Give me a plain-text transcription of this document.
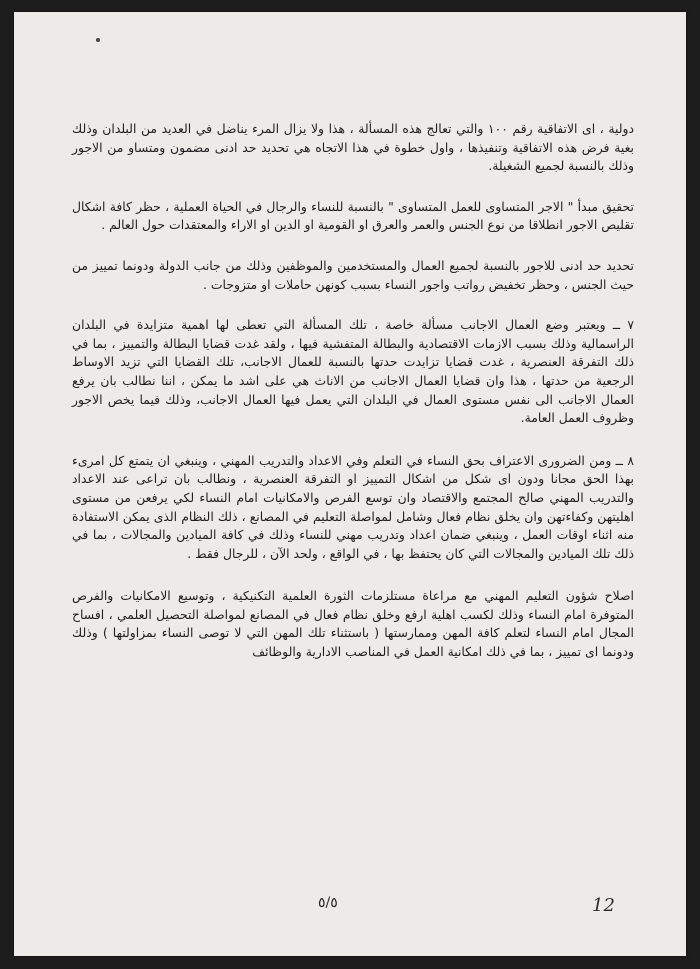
دولية ، اى الاتفاقية رقم ١٠٠ والتي تعالج هذه المسألة ، هذا ولا يزال المرء يناضل في العديد من البلدان وذلك بغية فرض هذه الاتفاقية وتنفيذها ، واول خطوة في هذا الاتجاه هي تحديد حد ادنى مضمون ومتساو من الاجور وذلك بالنسبة لجميع الشغيلة.

تحقيق مبدأ " الاجر المتساوى للعمل المتساوى " بالنسبة للنساء والرجال في الحياة العملية ، حظر كافة اشكال تقليص الاجور انطلاقا من نوع الجنس والعمر والعرق او القومية او الدين او الاراء والمعتقدات حول العالم .

تحديد حد ادنى للاجور بالنسبة لجميع العمال والمستخدمين والموظفين وذلك من جانب الدولة ودونما تمييز من حيث الجنس ، وحظر تخفيض رواتب واجور النساء بسبب كونهن حاملات او متزوجات .

٧ ــ ويعتبر وضع العمال الاجانب مسألة خاصة ، تلك المسألة التي تعطى لها اهمية متزايدة في البلدان الراسمالية وذلك بسبب الازمات الاقتصادية والبطالة المتفشية فيها ، ولقد غدت قضايا البطالة والتمييز ، بما في ذلك التفرقة العنصرية ، غدت قضايا تزايدت حدتها بالنسبة للعمال الاجانب، تلك القضايا التي تزيد الاوساط الرجعية من حدتها ، هذا وان قضايا العمال الاجانب من الاناث هي على اشد ما يمكن ، اننا نطالب بان يرفع العمال الاجانب الى نفس مستوى العمال في البلدان التي يعمل فيها العمال الاجانب، وذلك فيما يخص الاجور وظروف العمل العامة.

٨ ــ ومن الضرورى الاعتراف بحق النساء في التعلم وفي الاعداد والتدريب المهني ، وينبغي ان يتمتع كل امرىء بهذا الحق مجانا ودون اى شكل من اشكال التمييز او التفرقة العنصرية ، ونطالب بان تراعى عند الاعداد والتدريب المهني صالح المجتمع والاقتصاد وان توسع الفرص والامكانيات امام النساء لكي يرفعن من مستوى اهليتهن وكفاءتهن وان يخلق نظام فعال وشامل لمواصلة التعليم في المصانع ، ذلك النظام الذى يمكن الاستفادة منه اثناء اوقات العمل ، وينبغي ضمان اعداد وتدريب مهني للنساء وذلك في كافة الميادين والمجالات ، بما في ذلك تلك الميادين والمجالات التي كان يحتفظ بها ، في الواقع ، ولحد الآن ، للرجال فقط .

اصلاح شؤون التعليم المهني مع مراعاة مستلزمات الثورة العلمية التكنيكية ، وتوسيع الامكانيات والفرص المتوفرة امام النساء وذلك لكسب اهلية ارفع وخلق نظام فعال في المصانع لمواصلة التحصيل العلمي ، افساح المجال امام النساء لتعلم كافة المهن وممارستها ( باستثناء تلك المهن التي لا توصى النساء بمزاولتها ) وذلك ودونما اى تمييز ، بما في ذلك امكانية العمل في المناصب الادارية والوظائف

٥/٥	12
